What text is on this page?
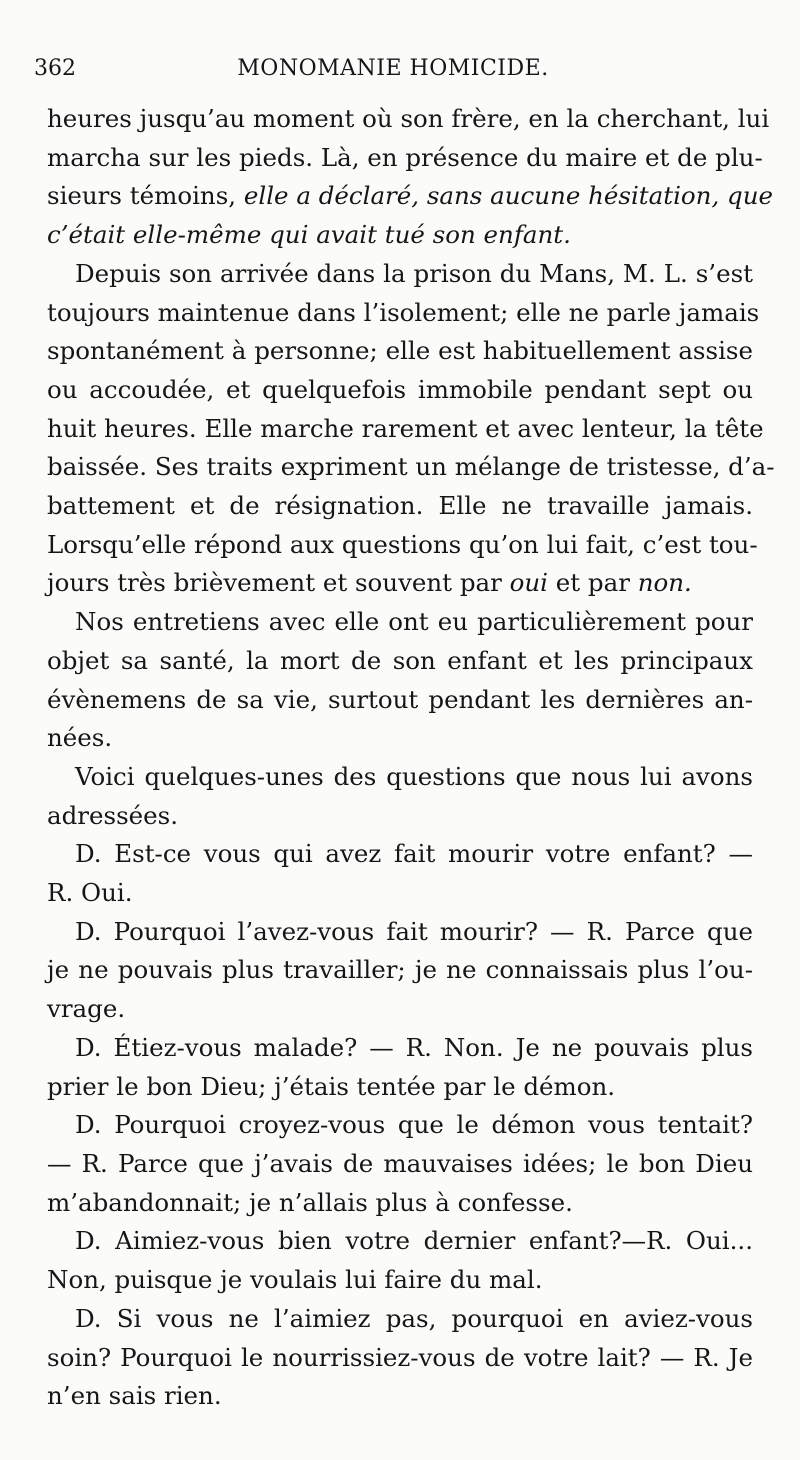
362	MONOMANIE HOMICIDE.
heures jusqu’au moment où son frère, en la cherchant, lui
marcha sur les pieds. Là, en présence du maire et de plu-
sieurs témoins, elle a déclaré, sans aucune hésitation, que
c’était elle-même qui avait tué son enfant.
Depuis son arrivée dans la prison du Mans, M. L. s’est
toujours maintenue dans l’isolement; elle ne parle jamais
spontanément à personne; elle est habituellement assise
ou accoudée, et quelquefois immobile pendant sept ou
huit heures. Elle marche rarement et avec lenteur, la tête
baissée. Ses traits expriment un mélange de tristesse, d’a-
battement et de résignation. Elle ne travaille jamais.
Lorsqu’elle répond aux questions qu’on lui fait, c’est tou-
jours très brièvement et souvent par oui et par non.
Nos entretiens avec elle ont eu particulièrement pour
objet sa santé, la mort de son enfant et les principaux
évènemens de sa vie, surtout pendant les dernières an-
nées.
Voici quelques-unes des questions que nous lui avons
adressées.
D. Est-ce vous qui avez fait mourir votre enfant? —
R. Oui.
D. Pourquoi l’avez-vous fait mourir? — R. Parce que
je ne pouvais plus travailler; je ne connaissais plus l’ou-
vrage.
D. Étiez-vous malade? — R. Non. Je ne pouvais plus
prier le bon Dieu; j’étais tentée par le démon.
D. Pourquoi croyez-vous que le démon vous tentait?
— R. Parce que j’avais de mauvaises idées; le bon Dieu
m’abandonnait; je n’allais plus à confesse.
D. Aimiez-vous bien votre dernier enfant?—R. Oui...
Non, puisque je voulais lui faire du mal.
D. Si vous ne l’aimiez pas, pourquoi en aviez-vous
soin? Pourquoi le nourrissiez-vous de votre lait? — R. Je
n’en sais rien.
